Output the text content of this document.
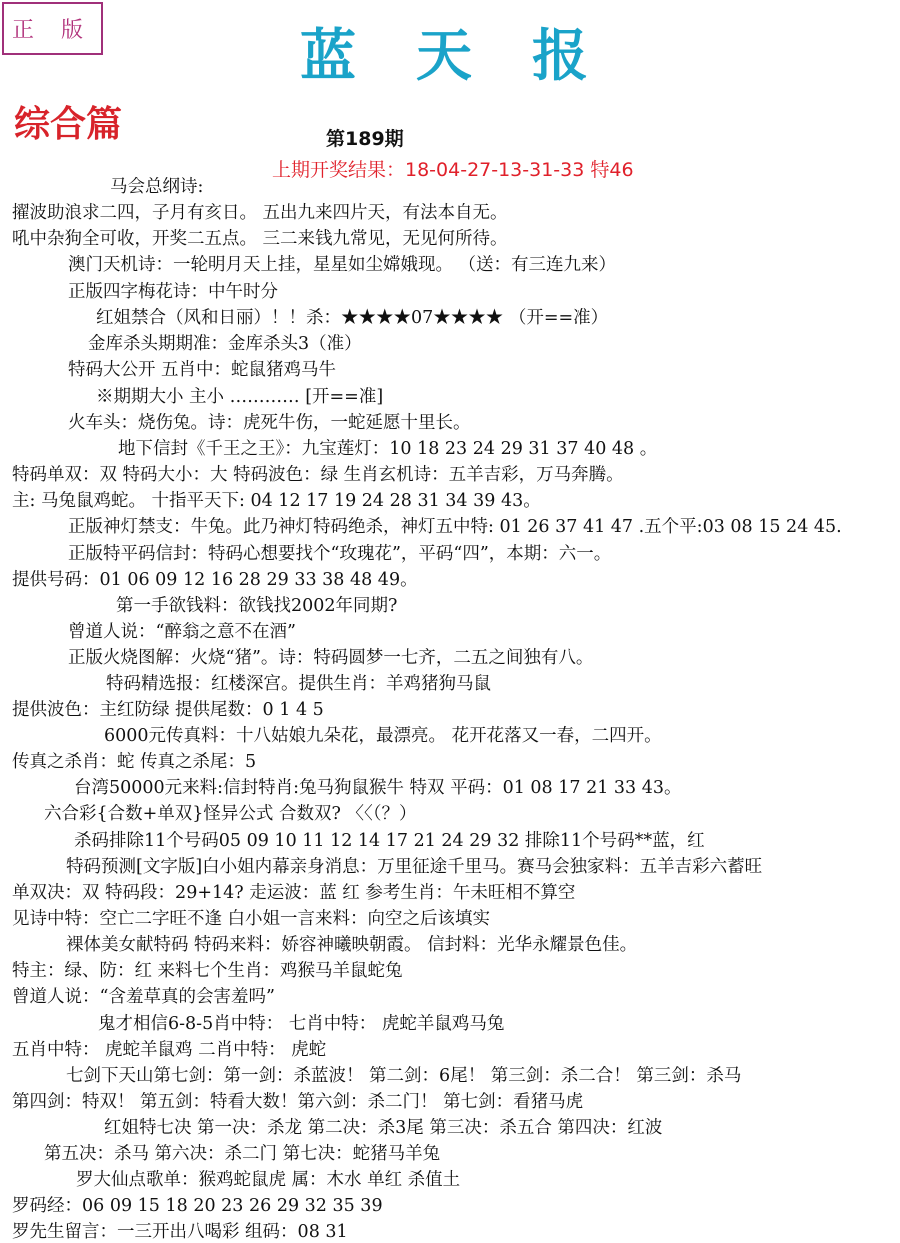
正 版	蓝天报
综合篇	第189期
上期开奖结果：18-04-27-13-31-33 特46
马会总纲诗:
擢波助浪求二四，子月有亥日。 五出九来四片天，有法本自无。
吼中杂狗全可收，开奖二五点。 三二来钱九常见，无见何所待。
澳门天机诗：一轮明月天上挂，星星如尘嫦娥现。 （送：有三连九来）
正版四字梅花诗：中午时分
红姐禁合（风和日丽）！！杀：★★★★07★★★★ （开==准）
金库杀头期期准：金库杀头3（准）
特码大公开 五肖中：蛇鼠猪鸡马牛
※期期大小 主小 ………… [开==准]
火车头：烧伤兔。诗：虎死牛伤，一蛇延愿十里长。
地下信封《千王之王》：九宝莲灯：10 18 23 24 29 31 37 40 48 。
特码单双：双 特码大小：大 特码波色：绿 生肖玄机诗：五羊吉彩，万马奔腾。
主: 马兔鼠鸡蛇。 十指平天下: 04 12 17 19 24 28 31 34 39 43。
正版神灯禁支：牛兔。此乃神灯特码绝杀，神灯五中特: 01 26 37 41 47 .五个平:03 08 15 24 45.
正版特平码信封：特码心想要找个“玫瑰花”，平码“四”，本期：六一。
提供号码：01 06 09 12 16 28 29 33 38 48 49。
第一手欲钱料：欲钱找2002年同期?
曾道人说：“醉翁之意不在酒”
正版火烧图解：火烧“猪”。诗：特码圆梦一七齐，二五之间独有八。
特码精选报：红楼深宫。提供生肖：羊鸡猪狗马鼠
提供波色：主红防绿 提供尾数：0 1 4 5
6000元传真料：十八姑娘九朵花，最漂亮。 花开花落又一春，二四开。
传真之杀肖：蛇 传真之杀尾：5
台湾50000元来料:信封特肖:兔马狗鼠猴牛 特双 平码：01 08 17 21 33 43。
六合彩{合数+单双}怪异公式 合数双? 〈〈（？）
杀码排除11个号码05 09 10 11 12 14 17 21 24 29 32 排除11个号码**蓝，红
特码预测[文字版]白小姐内幕亲身消息：万里征途千里马。赛马会独家料：五羊吉彩六蓄旺
单双决：双 特码段：29+14? 走运波：蓝 红 参考生肖：午未旺相不算空
见诗中特：空亡二字旺不逢 白小姐一言来料：向空之后该填实
裸体美女献特码 特码来料：娇容神曦映朝霞。 信封料：光华永耀景色佳。
特主：绿、防：红 来料七个生肖：鸡猴马羊鼠蛇兔
曾道人说：“含羞草真的会害羞吗”
鬼才相信6-8-5肖中特： 七肖中特： 虎蛇羊鼠鸡马兔
五肖中特： 虎蛇羊鼠鸡 二肖中特： 虎蛇
七剑下天山第七剑：第一剑：杀蓝波！ 第二剑：6尾！ 第三剑：杀二合！ 第三剑：杀马
第四剑：特双！ 第五剑：特看大数！第六剑：杀二门！ 第七剑：看猪马虎
红姐特七决 第一决：杀龙 第二决：杀3尾 第三决：杀五合 第四决：红波
第五决：杀马 第六决：杀二门 第七决：蛇猪马羊兔
罗大仙点歌单：猴鸡蛇鼠虎 属：木水 单红 杀值土
罗码经：06 09 15 18 20 23 26 29 32 35 39
罗先生留言：一三开出八喝彩 组码：08 31
